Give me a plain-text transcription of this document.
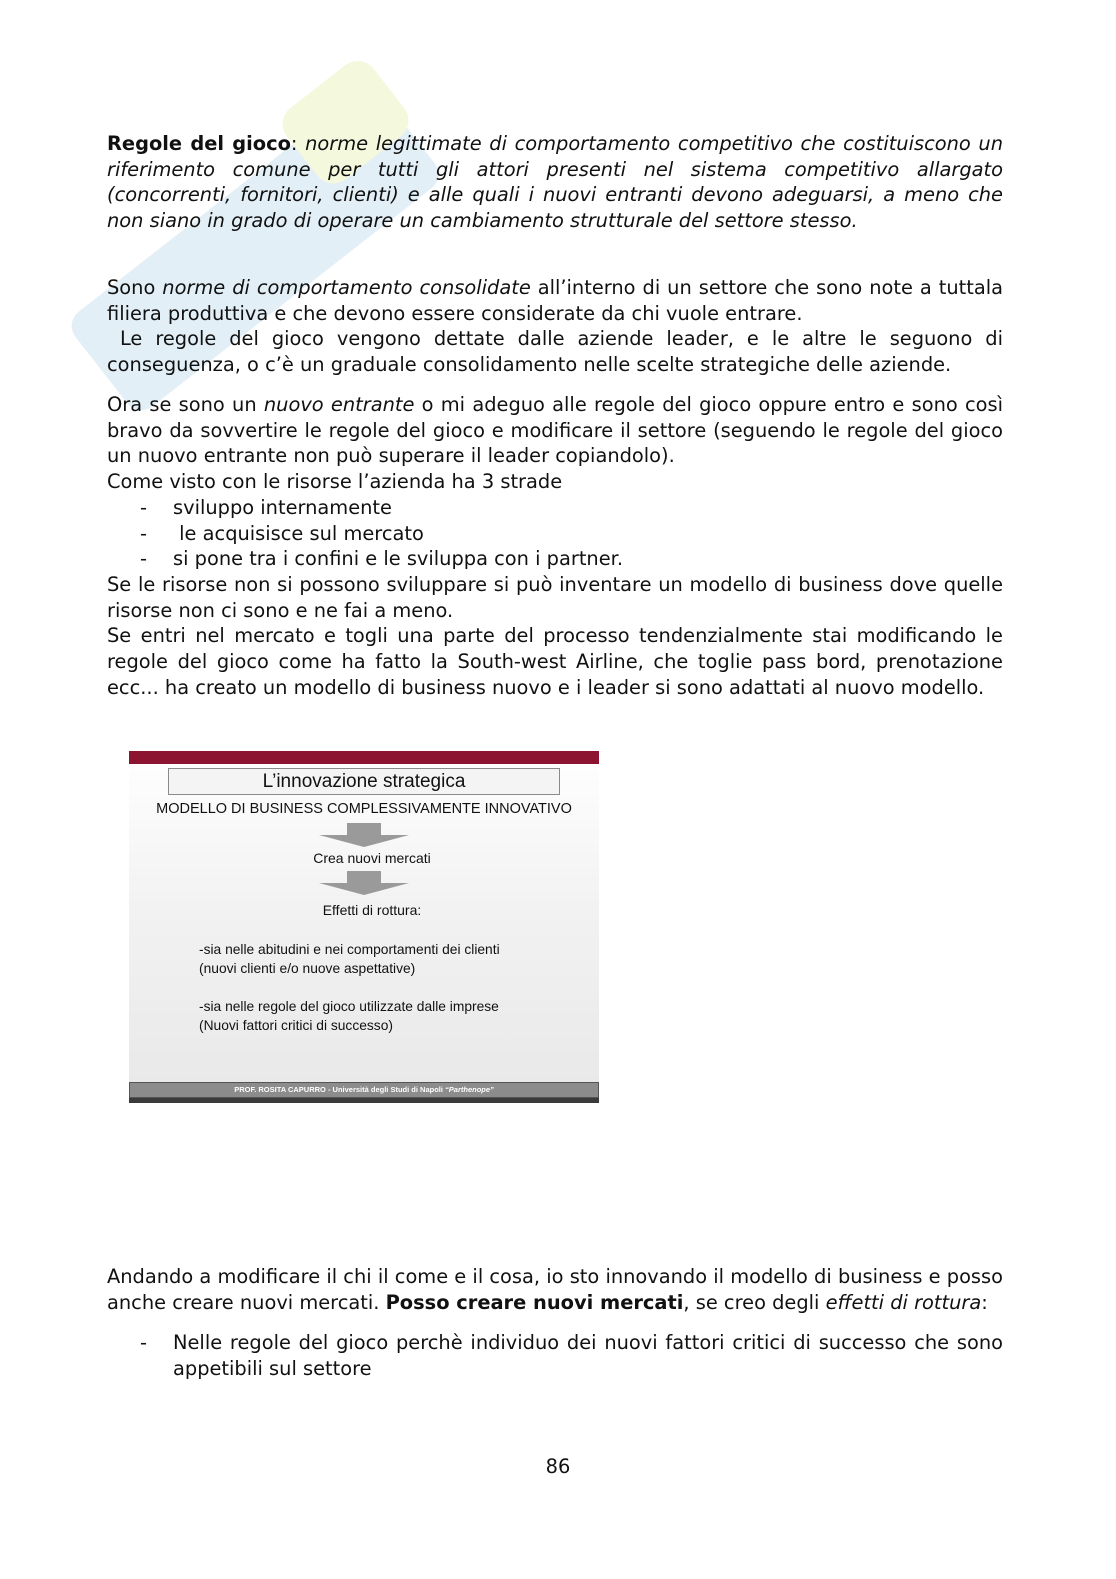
Regole del gioco: norme legittimate di comportamento competitivo che costituiscono un riferimento comune per tutti gli attori presenti nel sistema competitivo allargato (concorrenti, fornitori, clienti) e alle quali i nuovi entranti devono adeguarsi, a meno che non siano in grado di operare un cambiamento strutturale del settore stesso.

Sono norme di comportamento consolidate all’interno di un settore che sono note a tuttala filiera produttiva e che devono essere considerate da chi vuole entrare.

Le regole del gioco vengono dettate dalle aziende leader, e le altre le seguono di conseguenza, o c’è un graduale consolidamento nelle scelte strategiche delle aziende.

Ora se sono un nuovo entrante o mi adeguo alle regole del gioco oppure entro e sono così bravo da sovvertire le regole del gioco e modificare il settore (seguendo le regole del gioco un nuovo entrante non può superare il leader copiandolo).

Come visto con le risorse l’azienda ha 3 strade

- sviluppo internamente
- le acquisisce sul mercato
- si pone tra i confini e le sviluppa con i partner.

Se le risorse non si possono sviluppare si può inventare un modello di business dove quelle risorse non ci sono e ne fai a meno.

Se entri nel mercato e togli una parte del processo tendenzialmente stai modificando le regole del gioco come ha fatto la South-west Airline, che toglie pass bord, prenotazione ecc... ha creato un modello di business nuovo e i leader si sono adattati al nuovo modello.

L’innovazione strategica
MODELLO DI BUSINESS COMPLESSIVAMENTE INNOVATIVO
Crea nuovi mercati
Effetti di rottura:
-sia nelle abitudini e nei comportamenti dei clienti
(nuovi clienti e/o nuove aspettative)
-sia nelle regole del gioco utilizzate dalle imprese
(Nuovi fattori critici di successo)
PROF. ROSITA CAPURRO - Università degli Studi di Napoli “Parthenope”

Andando a modificare il chi il come e il cosa, io sto innovando il modello di business e posso anche creare nuovi mercati. Posso creare nuovi mercati, se creo degli effetti di rottura:

- Nelle regole del gioco perchè individuo dei nuovi fattori critici di successo che sono appetibili sul settore
86
